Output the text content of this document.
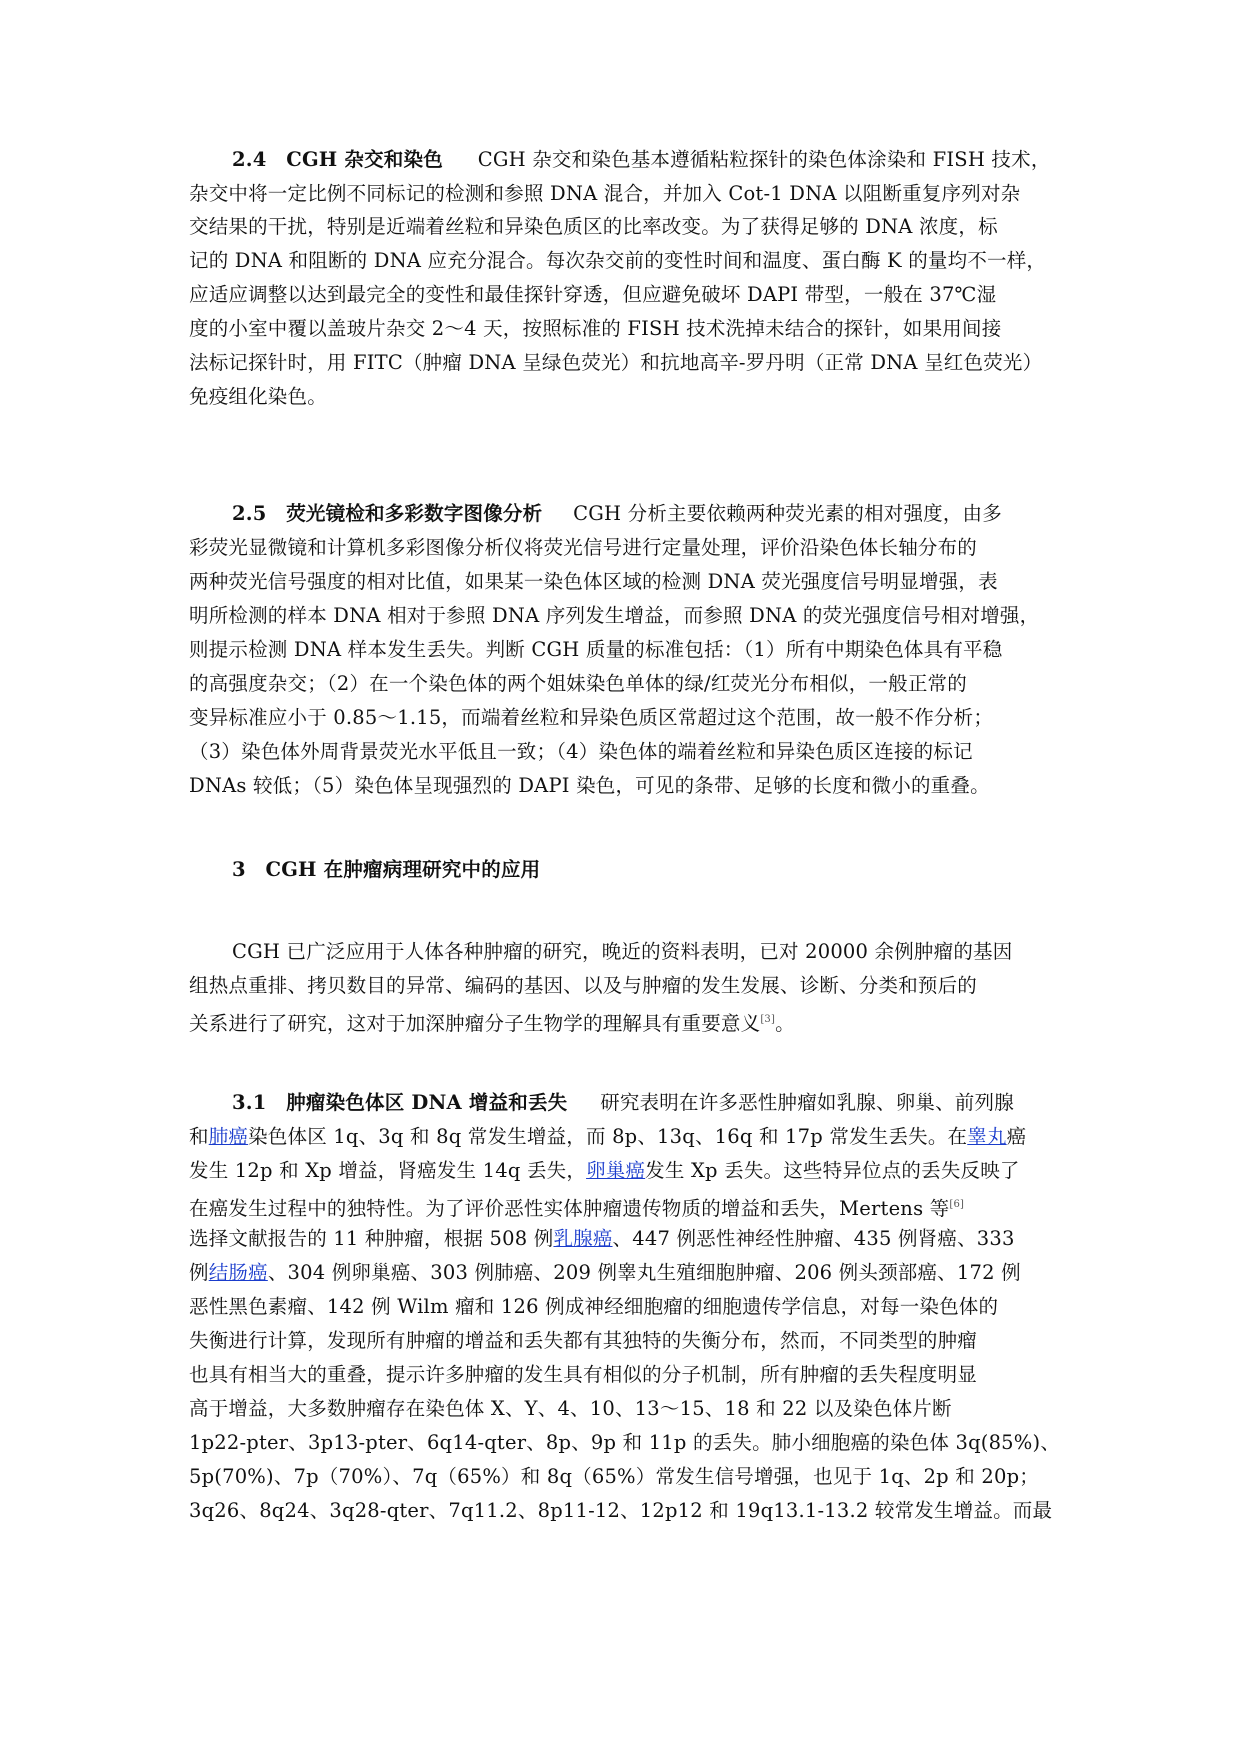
2.4　CGH 杂交和染色 CGH 杂交和染色基本遵循粘粒探针的染色体涂染和 FISH 技术，
杂交中将一定比例不同标记的检测和参照 DNA 混合，并加入 Cot-1 DNA 以阻断重复序列对杂
交结果的干扰，特别是近端着丝粒和异染色质区的比率改变。为了获得足够的 DNA 浓度，标
记的 DNA 和阻断的 DNA 应充分混合。每次杂交前的变性时间和温度、蛋白酶 K 的量均不一样，
应适应调整以达到最完全的变性和最佳探针穿透，但应避免破坏 DAPI 带型，一般在 37℃湿
度的小室中覆以盖玻片杂交 2～4 天，按照标准的 FISH 技术洗掉未结合的探针，如果用间接
法标记探针时，用 FITC（肿瘤 DNA 呈绿色荧光）和抗地高辛-罗丹明（正常 DNA 呈红色荧光）
免疫组化染色。
2.5　荧光镜检和多彩数字图像分析 CGH 分析主要依赖两种荧光素的相对强度，由多
彩荧光显微镜和计算机多彩图像分析仪将荧光信号进行定量处理，评价沿染色体长轴分布的
两种荧光信号强度的相对比值，如果某一染色体区域的检测 DNA 荧光强度信号明显增强，表
明所检测的样本 DNA 相对于参照 DNA 序列发生增益，而参照 DNA 的荧光强度信号相对增强，
则提示检测 DNA 样本发生丢失。判断 CGH 质量的标准包括：（1）所有中期染色体具有平稳
的高强度杂交；（2）在一个染色体的两个姐妹染色单体的绿/红荧光分布相似，一般正常的
变异标准应小于 0.85～1.15，而端着丝粒和异染色质区常超过这个范围，故一般不作分析；
（3）染色体外周背景荧光水平低且一致；（4）染色体的端着丝粒和异染色质区连接的标记
DNAs 较低；（5）染色体呈现强烈的 DAPI 染色，可见的条带、足够的长度和微小的重叠。
3　CGH 在肿瘤病理研究中的应用
CGH 已广泛应用于人体各种肿瘤的研究，晚近的资料表明，已对 20000 余例肿瘤的基因
组热点重排、拷贝数目的异常、编码的基因、以及与肿瘤的发生发展、诊断、分类和预后的
关系进行了研究，这对于加深肿瘤分子生物学的理解具有重要意义[3]。
3.1　肿瘤染色体区 DNA 增益和丢失 研究表明在许多恶性肿瘤如乳腺、卵巢、前列腺
和肺癌染色体区 1q、3q 和 8q 常发生增益，而 8p、13q、16q 和 17p 常发生丢失。在睾丸癌
发生 12p 和 Xp 增益，肾癌发生 14q 丢失，卵巢癌发生 Xp 丢失。这些特异位点的丢失反映了
在癌发生过程中的独特性。为了评价恶性实体肿瘤遗传物质的增益和丢失，Mertens 等[6]
选择文献报告的 11 种肿瘤，根据 508 例乳腺癌、447 例恶性神经性肿瘤、435 例肾癌、333
例结肠癌、304 例卵巢癌、303 例肺癌、209 例睾丸生殖细胞肿瘤、206 例头颈部癌、172 例
恶性黑色素瘤、142 例 Wilm 瘤和 126 例成神经细胞瘤的细胞遗传学信息，对每一染色体的
失衡进行计算，发现所有肿瘤的增益和丢失都有其独特的失衡分布，然而，不同类型的肿瘤
也具有相当大的重叠，提示许多肿瘤的发生具有相似的分子机制，所有肿瘤的丢失程度明显
高于增益，大多数肿瘤存在染色体 X、Y、4、10、13～15、18 和 22 以及染色体片断
1p22-pter、3p13-pter、6q14-qter、8p、9p 和 11p 的丢失。肺小细胞癌的染色体 3q(85%)、
5p(70%)、7p（70%）、7q（65%）和 8q（65%）常发生信号增强，也见于 1q、2p 和 20p；
3q26、8q24、3q28-qter、7q11.2、8p11-12、12p12 和 19q13.1-13.2 较常发生增益。而最
